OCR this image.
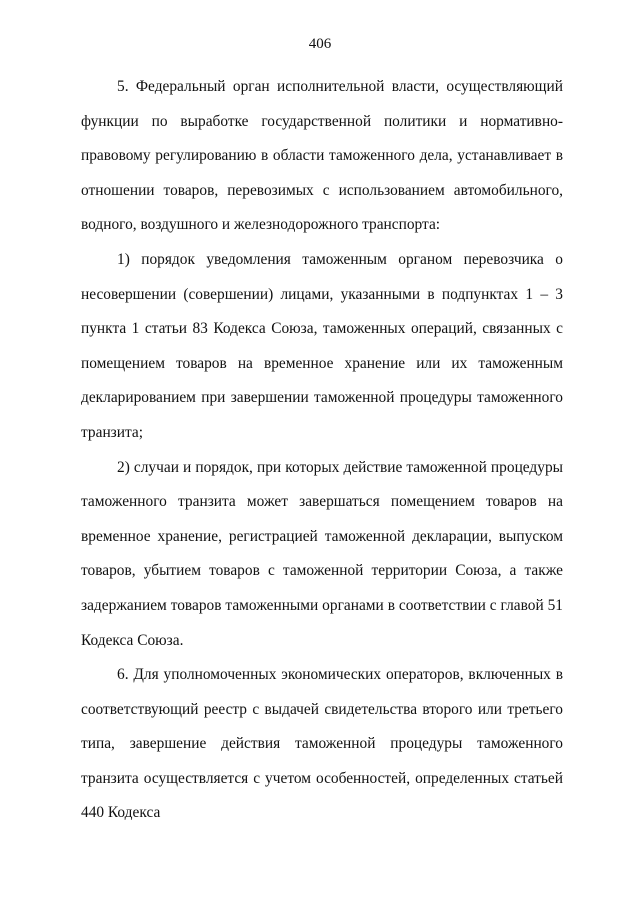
406

5. Федеральный орган исполнительной власти, осуществляющий функции по выработке государственной политики и нормативно-правовому регулированию в области таможенного дела, устанавливает в отношении товаров, перевозимых с использованием автомобильного, водного, воздушного и железнодорожного транспорта:

1) порядок уведомления таможенным органом перевозчика о несовершении (совершении) лицами, указанными в подпунктах 1 – 3 пункта 1 статьи 83 Кодекса Союза, таможенных операций, связанных с помещением товаров на временное хранение или их таможенным декларированием при завершении таможенной процедуры таможенного транзита;

2) случаи и порядок, при которых действие таможенной процедуры таможенного транзита может завершаться помещением товаров на временное хранение, регистрацией таможенной декларации, выпуском товаров, убытием товаров с таможенной территории Союза, а также задержанием товаров таможенными органами в соответствии с главой 51 Кодекса Союза.

6. Для уполномоченных экономических операторов, включенных в соответствующий реестр с выдачей свидетельства второго или третьего типа, завершение действия таможенной процедуры таможенного транзита осуществляется с учетом особенностей, определенных статьей 440 Кодекса
